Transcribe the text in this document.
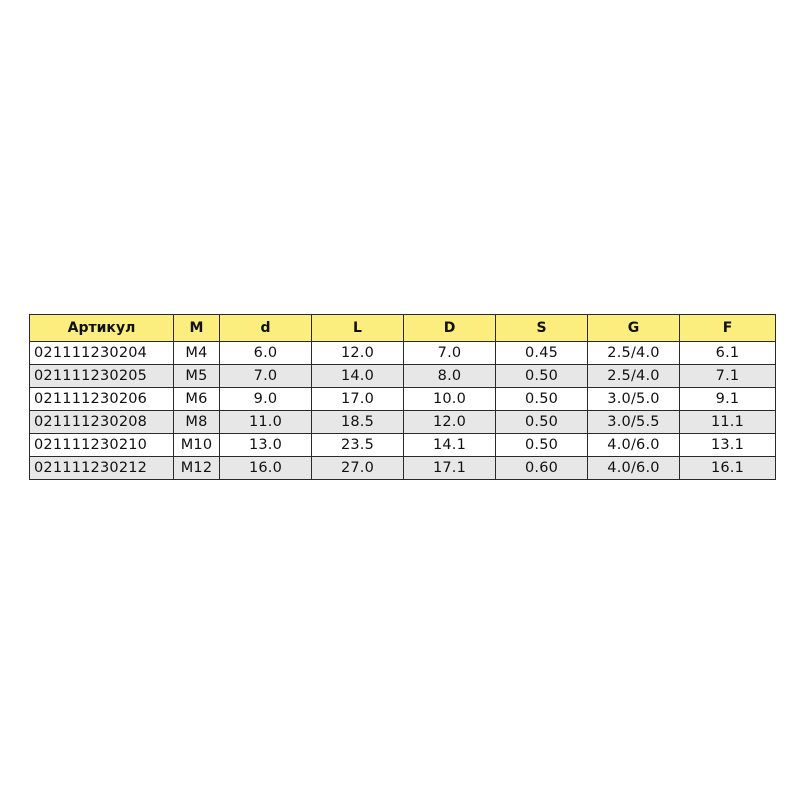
Артикул	M	d	L	D	S	G	F
021111230204	M4	6.0	12.0	7.0	0.45	2.5/4.0	6.1
021111230205	M5	7.0	14.0	8.0	0.50	2.5/4.0	7.1
021111230206	M6	9.0	17.0	10.0	0.50	3.0/5.0	9.1
021111230208	M8	11.0	18.5	12.0	0.50	3.0/5.5	11.1
021111230210	M10	13.0	23.5	14.1	0.50	4.0/6.0	13.1
021111230212	M12	16.0	27.0	17.1	0.60	4.0/6.0	16.1
